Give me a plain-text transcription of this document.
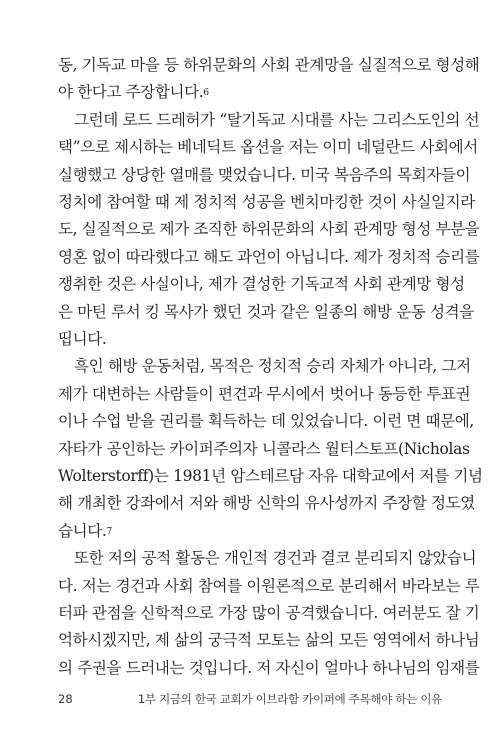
28	1부 지금의 한국 교회가 이브라함 카이퍼에 주목해야 하는 이유
동, 기독교 마을 등 하위문화의 사회 관계망을 실질적으로 형성해
야 한다고 주장합니다.$^6$
그런데 로드 드레허가 “탈기독교 시대를 사는 그리스도인의 선
택”으로 제시하는 베네딕트 옵션을 저는 이미 네덜란드 사회에서
실행했고 상당한 열매를 맺었습니다. 미국 복음주의 목회자들이
정치에 참여할 때 제 정치적 성공을 벤치마킹한 것이 사실일지라
도, 실질적으로 제가 조직한 하위문화의 사회 관계망 형성 부분을
영혼 없이 따라했다고 해도 과언이 아닙니다. 제가 정치적 승리를
쟁취한 것은 사실이나, 제가 결성한 기독교적 사회 관계망 형성
은 마틴 루서 킹 목사가 했던 것과 같은 일종의 해방 운동 성격을
띱니다.
흑인 해방 운동처럼, 목적은 정치적 승리 자체가 아니라, 그저
제가 대변하는 사람들이 편견과 무시에서 벗어나 동등한 투표권
이나 수업 받을 권리를 획득하는 데 있었습니다. 이런 면 때문에,
자타가 공인하는 카이퍼주의자 니콜라스 월터스토프(Nicholas
Wolterstorff)는 1981년 암스테르담 자유 대학교에서 저를 기념
해 개최한 강좌에서 저와 해방 신학의 유사성까지 주장할 정도였
습니다.$^7$
또한 저의 공적 활동은 개인적 경건과 결코 분리되지 않았습니
다. 저는 경건과 사회 참여를 이원론적으로 분리해서 바라보는 루
터파 관점을 신학적으로 가장 많이 공격했습니다. 여러분도 잘 기
억하시겠지만, 제 삶의 궁극적 모토는 삶의 모든 영역에서 하나님
의 주권을 드러내는 것입니다. 저 자신이 얼마나 하나님의 임재를
